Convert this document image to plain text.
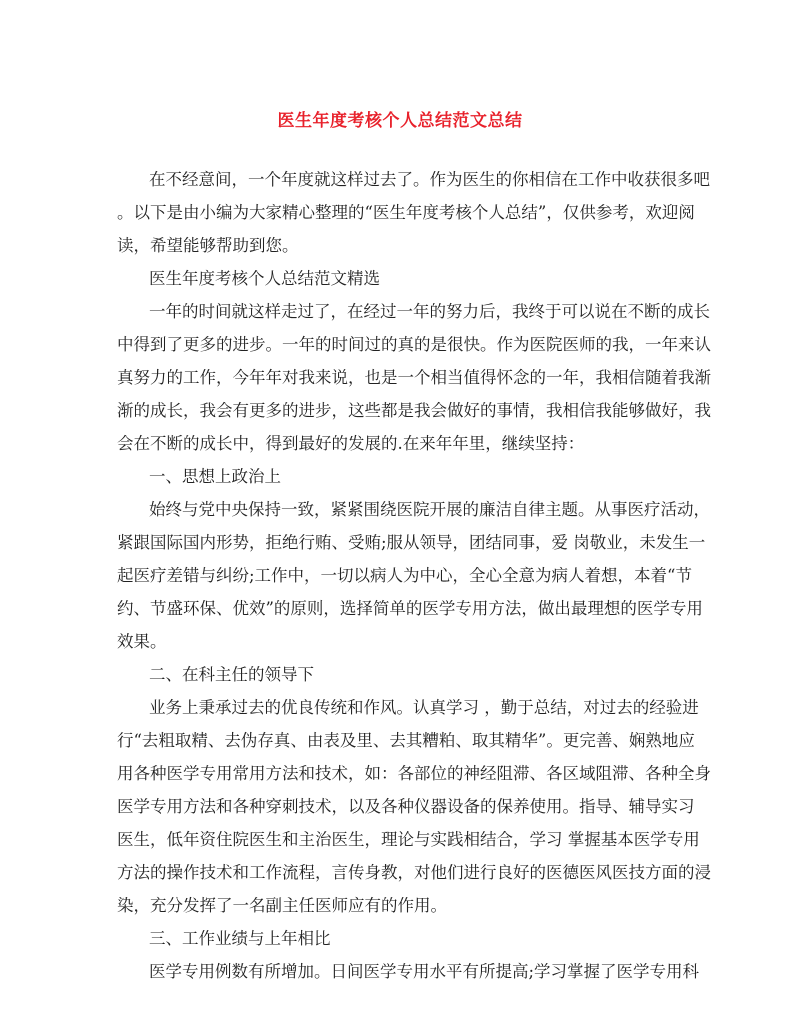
医生年度考核个人总结范文总结
在不经意间，一个年度就这样过去了。作为医生的你相信在工作中收获很多吧
。以下是由小编为大家精心整理的“医生年度考核个人总结”，仅供参考，欢迎阅
读，希望能够帮助到您。
医生年度考核个人总结范文精选
一年的时间就这样走过了，在经过一年的努力后，我终于可以说在不断的成长
中得到了更多的进步。一年的时间过的真的是很快。作为医院医师的我，一年来认
真努力的工作，今年年对我来说，也是一个相当值得怀念的一年，我相信随着我渐
渐的成长，我会有更多的进步，这些都是我会做好的事情，我相信我能够做好，我
会在不断的成长中，得到最好的发展的.在来年年里，继续坚持：
一、思想上政治上
始终与党中央保持一致，紧紧围绕医院开展的廉洁自律主题。从事医疗活动，
紧跟国际国内形势，拒绝行贿、受贿;服从领导，团结同事，爱 岗敬业，未发生一
起医疗差错与纠纷;工作中，一切以病人为中心，全心全意为病人着想，本着“节
约、节盛环保、优效”的原则，选择简单的医学专用方法，做出最理想的医学专用
效果。
二、在科主任的领导下
业务上秉承过去的优良传统和作风。认真学习 ，勤于总结，对过去的经验进
行“去粗取精、去伪存真、由表及里、去其糟粕、取其精华”。更完善、娴熟地应
用各种医学专用常用方法和技术，如：各部位的神经阻滞、各区域阻滞、各种全身
医学专用方法和各种穿刺技术，以及各种仪器设备的保养使用。指导、辅导实习
医生，低年资住院医生和主治医生，理论与实践相结合，学习 掌握基本医学专用
方法的操作技术和工作流程，言传身教，对他们进行良好的医德医风医技方面的浸
染，充分发挥了一名副主任医师应有的作用。
三、工作业绩与上年相比
医学专用例数有所增加。日间医学专用水平有所提高;学习掌握了医学专用科
